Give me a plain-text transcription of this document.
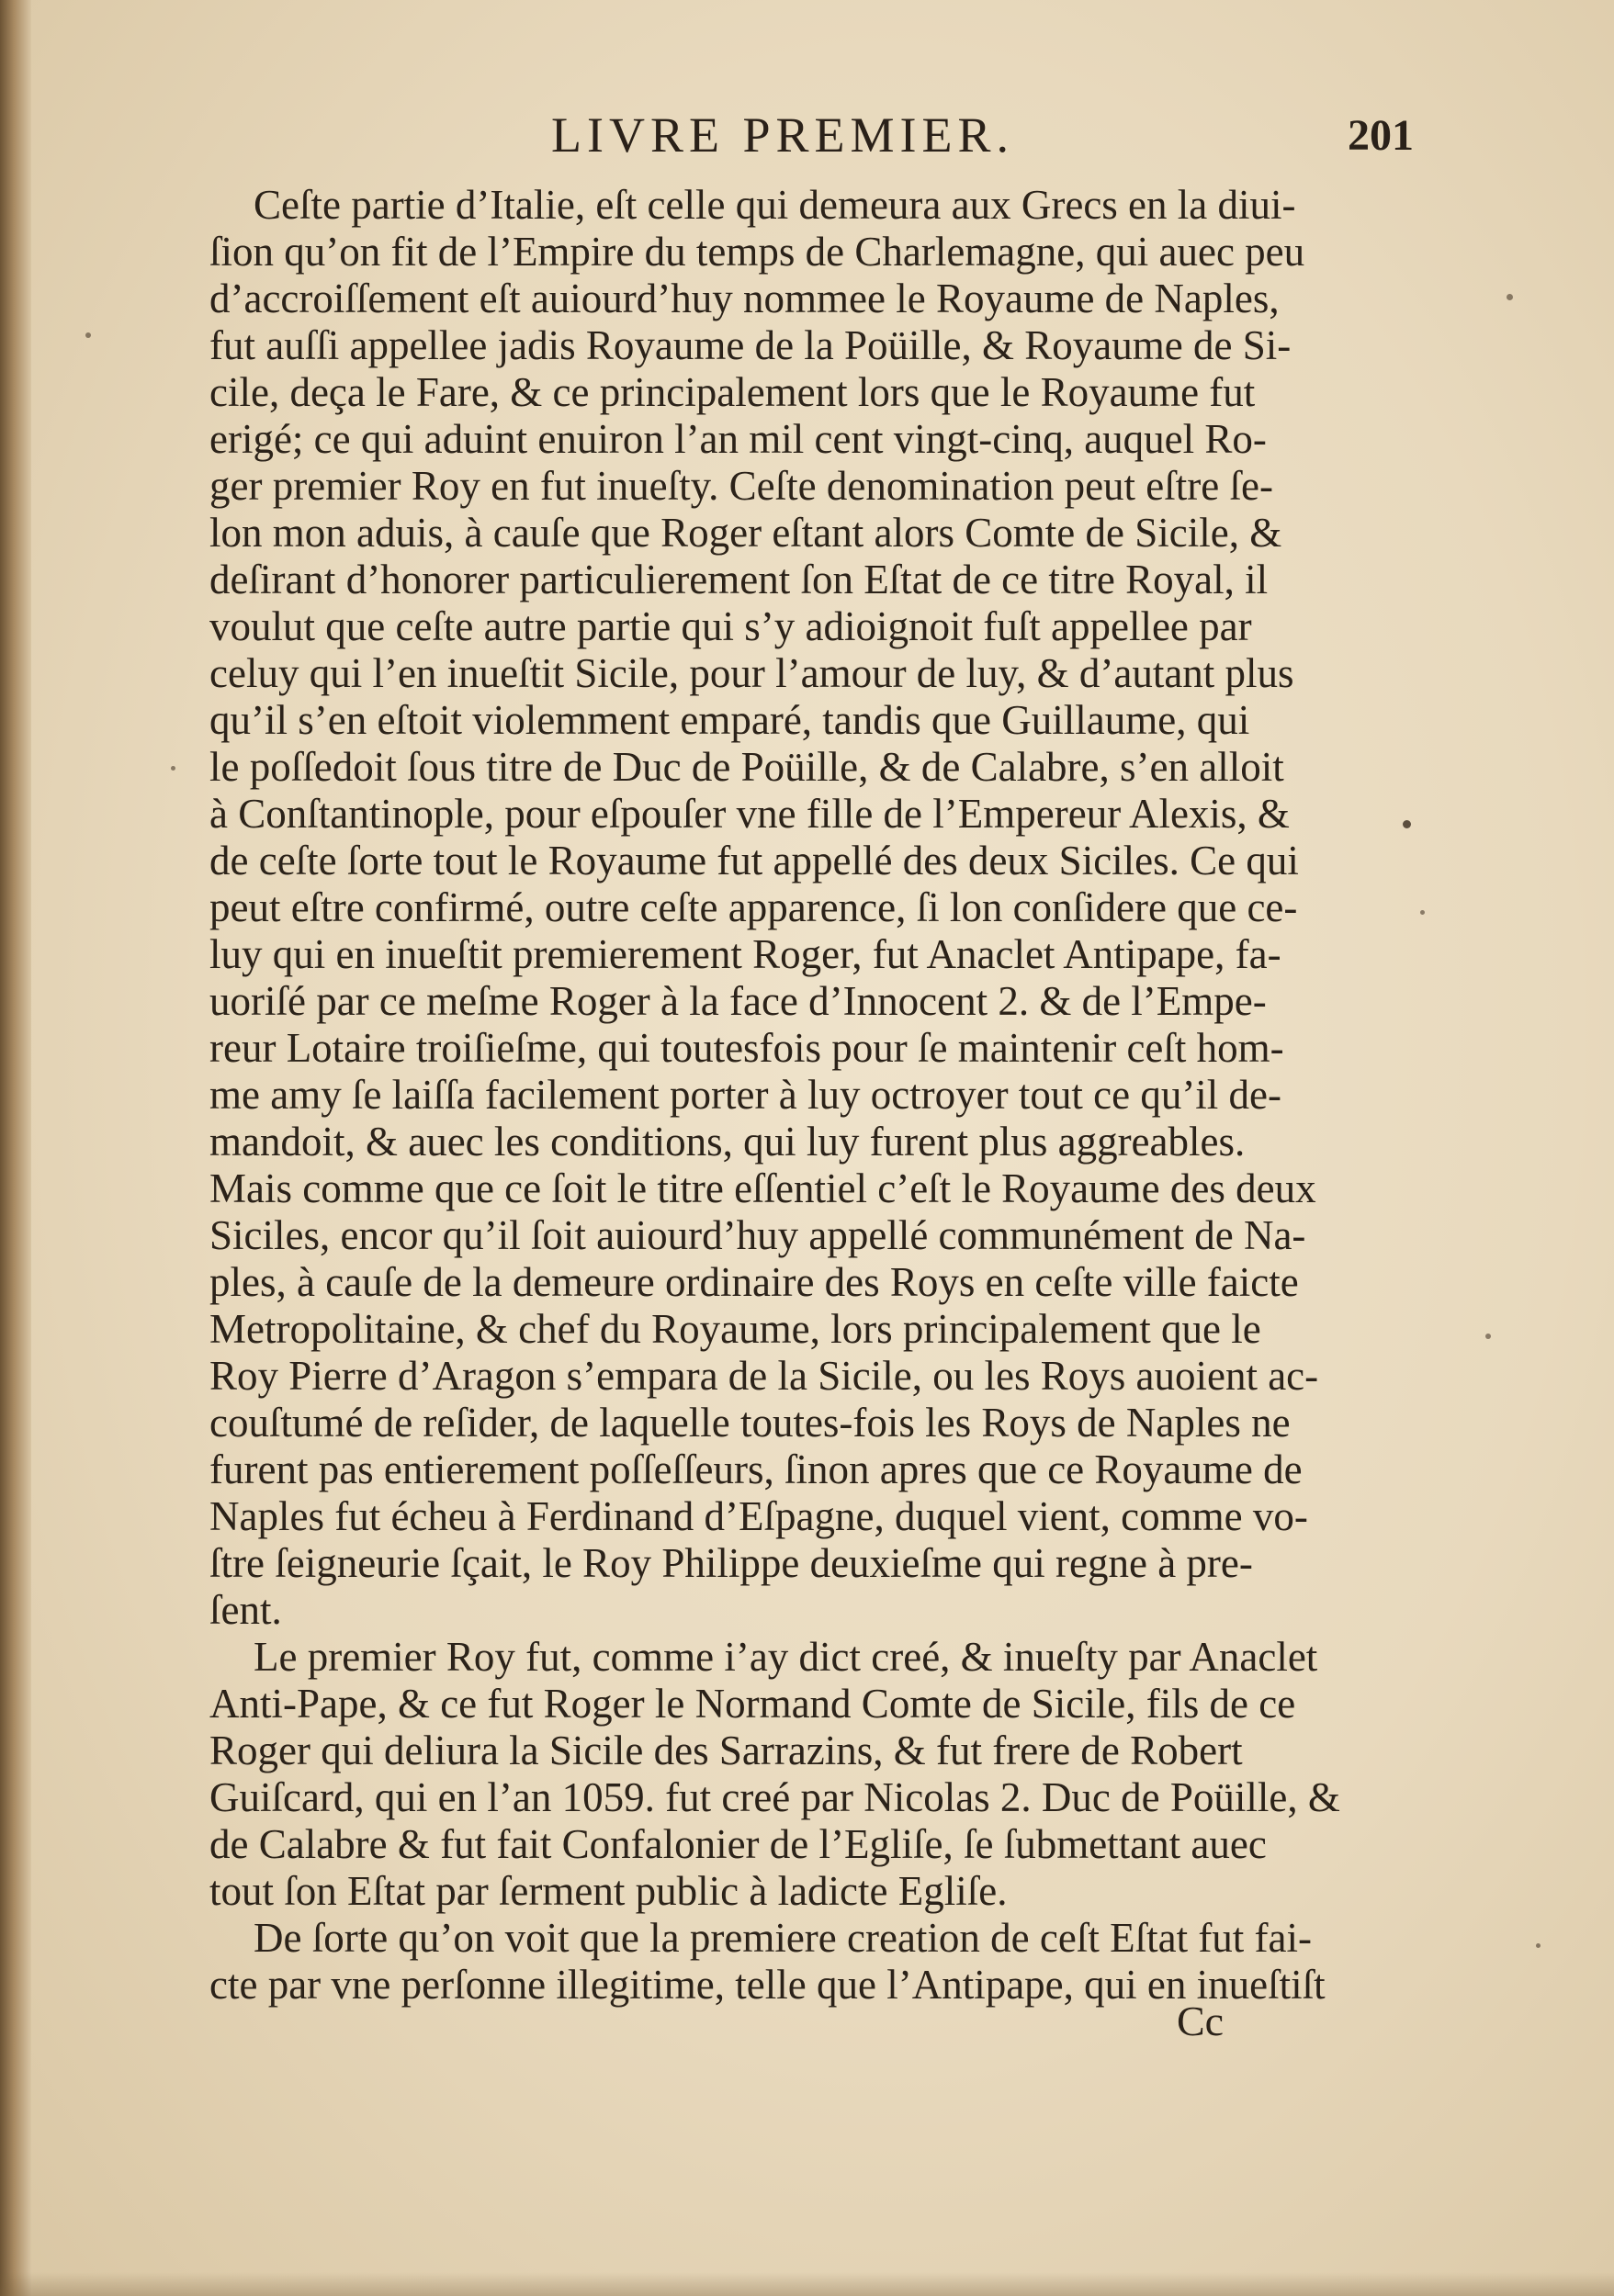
LIVRE PREMIER.	201
Ceſte partie d’Italie, eſt celle qui demeura aux Grecs en la diui-
ſion qu’on fit de l’Empire du temps de Charlemagne, qui auec peu
d’accroiſſement eſt auiourd’huy nommee le Royaume de Naples,
fut auſſi appellee jadis Royaume de la Poüille, & Royaume de Si-
cile, deça le Fare, & ce principalement lors que le Royaume fut
erigé; ce qui aduint enuiron l’an mil cent vingt-cinq, auquel Ro-
ger premier Roy en fut inueſty. Ceſte denomination peut eſtre ſe-
lon mon aduis, à cauſe que Roger eſtant alors Comte de Sicile, &
deſirant d’honorer particulierement ſon Eſtat de ce titre Royal, il
voulut que ceſte autre partie qui s’y adioignoit fuſt appellee par
celuy qui l’en inueſtit Sicile, pour l’amour de luy, & d’autant plus
qu’il s’en eſtoit violemment emparé, tandis que Guillaume, qui
le poſſedoit ſous titre de Duc de Poüille, & de Calabre, s’en alloit
à Conſtantinople, pour eſpouſer vne fille de l’Empereur Alexis, &
de ceſte ſorte tout le Royaume fut appellé des deux Siciles. Ce qui
peut eſtre confirmé, outre ceſte apparence, ſi lon conſidere que ce-
luy qui en inueſtit premierement Roger, fut Anaclet Antipape, fa-
uoriſé par ce meſme Roger à la face d’Innocent 2. & de l’Empe-
reur Lotaire troiſieſme, qui toutesfois pour ſe maintenir ceſt hom-
me amy ſe laiſſa facilement porter à luy octroyer tout ce qu’il de-
mandoit, & auec les conditions, qui luy furent plus aggreables.
Mais comme que ce ſoit le titre eſſentiel c’eſt le Royaume des deux
Siciles, encor qu’il ſoit auiourd’huy appellé communément de Na-
ples, à cauſe de la demeure ordinaire des Roys en ceſte ville faicte
Metropolitaine, & chef du Royaume, lors principalement que le
Roy Pierre d’Aragon s’empara de la Sicile, ou les Roys auoient ac-
couſtumé de reſider, de laquelle toutes-fois les Roys de Naples ne
furent pas entierement poſſeſſeurs, ſinon apres que ce Royaume de
Naples fut écheu à Ferdinand d’Eſpagne, duquel vient, comme vo-
ſtre ſeigneurie ſçait, le Roy Philippe deuxieſme qui regne à pre-
ſent.
Le premier Roy fut, comme i’ay dict creé, & inueſty par Anaclet
Anti-Pape, & ce fut Roger le Normand Comte de Sicile, fils de ce
Roger qui deliura la Sicile des Sarrazins, & fut frere de Robert
Guiſcard, qui en l’an 1059. fut creé par Nicolas 2. Duc de Poüille, &
de Calabre & fut fait Confalonier de l’Egliſe, ſe ſubmettant auec
tout ſon Eſtat par ſerment public à ladicte Egliſe.
De ſorte qu’on voit que la premiere creation de ceſt Eſtat fut fai-
cte par vne perſonne illegitime, telle que l’Antipape, qui en inueſtiſt
Cc
